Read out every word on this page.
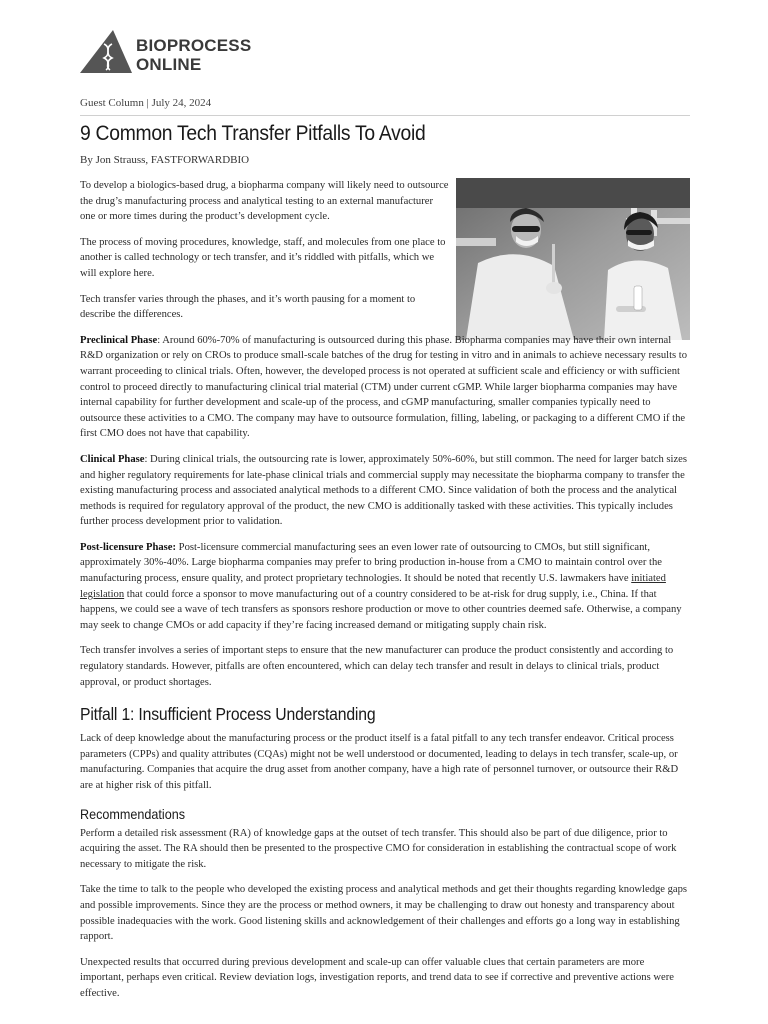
BIOPROCESS
ONLINE
Guest Column | July 24, 2024
9 Common Tech Transfer Pitfalls To Avoid
By Jon Strauss, FASTFORWARDBIO

To develop a biologics-based drug, a biopharma company will likely need to outsource the drug’s manufacturing process and analytical testing to an external manufacturer one or more times during the product’s development cycle.

The process of moving procedures, knowledge, staff, and molecules from one place to another is called technology or tech transfer, and it’s riddled with pitfalls, which we will explore here.

Tech transfer varies through the phases, and it’s worth pausing for a moment to describe the differences.

Preclinical Phase: Around 60%-70% of manufacturing is outsourced during this phase. Biopharma companies may have their own internal R&D organization or rely on CROs to produce small-scale batches of the drug for testing in vitro and in animals to achieve necessary results to warrant proceeding to clinical trials. Often, however, the developed process is not operated at sufficient scale and efficiency or with sufficient control to proceed directly to manufacturing clinical trial material (CTM) under current cGMP. While larger biopharma companies may have internal capability for further development and scale-up of the process, and cGMP manufacturing, smaller companies typically need to outsource these activities to a CMO. The company may have to outsource formulation, filling, labeling, or packaging to a different CMO if the first CMO does not have that capability.

Clinical Phase: During clinical trials, the outsourcing rate is lower, approximately 50%-60%, but still common. The need for larger batch sizes and higher regulatory requirements for late-phase clinical trials and commercial supply may necessitate the biopharma company to transfer the existing manufacturing process and associated analytical methods to a different CMO. Since validation of both the process and the analytical methods is required for regulatory approval of the product, the new CMO is additionally tasked with these activities. This typically includes further process development prior to validation.

Post-licensure Phase: Post-licensure commercial manufacturing sees an even lower rate of outsourcing to CMOs, but still significant, approximately 30%-40%. Large biopharma companies may prefer to bring production in-house from a CMO to maintain control over the manufacturing process, ensure quality, and protect proprietary technologies. It should be noted that recently U.S. lawmakers have initiated legislation that could force a sponsor to move manufacturing out of a country considered to be at-risk for drug supply, i.e., China. If that happens, we could see a wave of tech transfers as sponsors reshore production or move to other countries deemed safe. Otherwise, a company may seek to change CMOs or add capacity if they’re facing increased demand or mitigating supply chain risk.

Tech transfer involves a series of important steps to ensure that the new manufacturer can produce the product consistently and according to regulatory standards. However, pitfalls are often encountered, which can delay tech transfer and result in delays to clinical trials, product approval, or product shortages.

Pitfall 1: Insufficient Process Understanding

Lack of deep knowledge about the manufacturing process or the product itself is a fatal pitfall to any tech transfer endeavor. Critical process parameters (CPPs) and quality attributes (CQAs) might not be well understood or documented, leading to delays in tech transfer, scale-up, or manufacturing. Companies that acquire the drug asset from another company, have a high rate of personnel turnover, or outsource their R&D are at higher risk of this pitfall.

Recommendations

Perform a detailed risk assessment (RA) of knowledge gaps at the outset of tech transfer. This should also be part of due diligence, prior to acquiring the asset. The RA should then be presented to the prospective CMO for consideration in establishing the contractual scope of work necessary to mitigate the risk.

Take the time to talk to the people who developed the existing process and analytical methods and get their thoughts regarding knowledge gaps and possible improvements. Since they are the process or method owners, it may be challenging to draw out honesty and transparency about possible inadequacies with the work. Good listening skills and acknowledgement of their challenges and efforts go a long way in establishing rapport.

Unexpected results that occurred during previous development and scale-up can offer valuable clues that certain parameters are more important, perhaps even critical. Review deviation logs, investigation reports, and trend data to see if corrective and preventive actions were effective.
